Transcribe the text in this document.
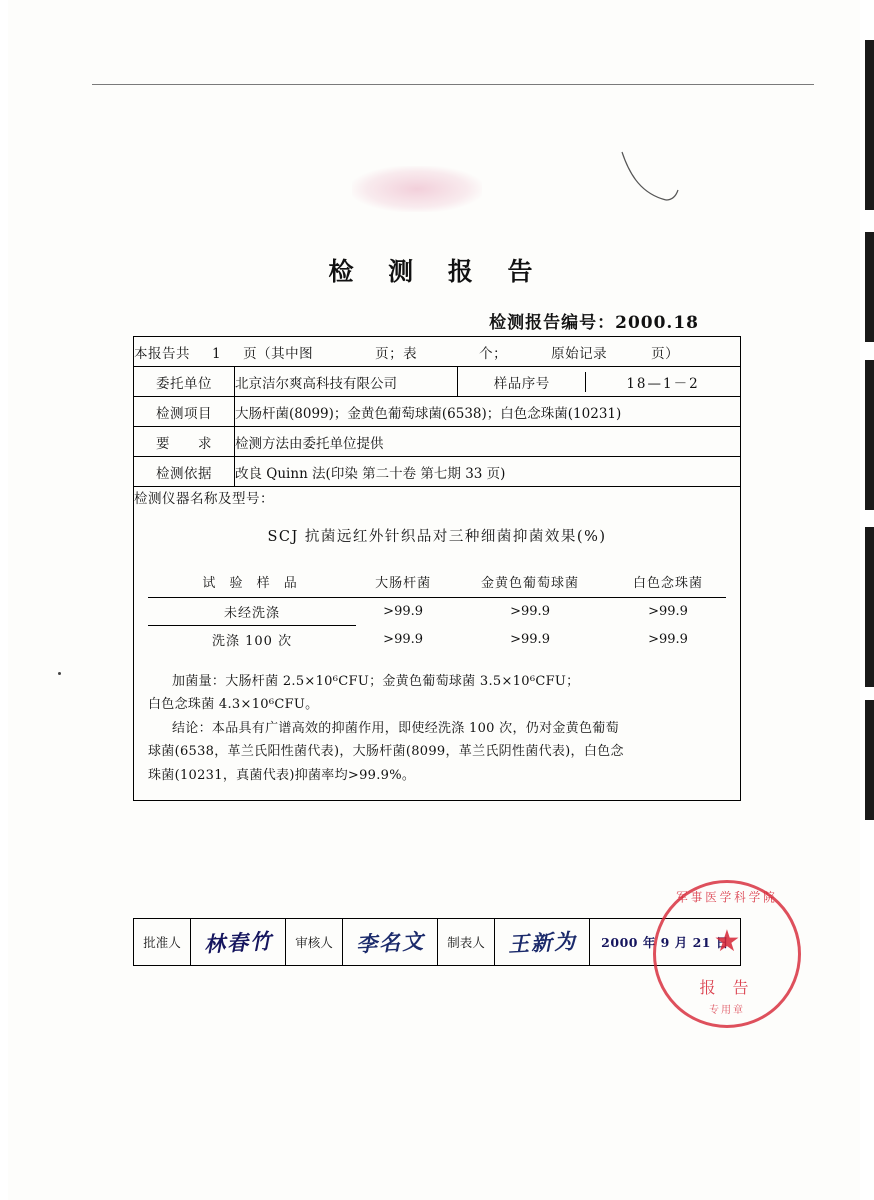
检 测 报 告
检测报告编号：2000.18
本报告共 1 页（其中图	页；表	个；	原始记录	页）

委托单位	北京洁尔爽高科技有限公司		样品序号	18—1－2

检测项目	大肠杆菌(8099)；金黄色葡萄球菌(6538)；白色念珠菌(10231)
要　　求	检测方法由委托单位提供
检测依据	改良 Quinn 法(印染 第二十卷 第七期 33 页)
检测仪器名称及型号：

SCJ 抗菌远红外针织品对三种细菌抑菌效果(%)
试 验 样 品	大肠杆菌	金黄色葡萄球菌	白色念珠菌
未经洗涤	>99.9	>99.9	>99.9
洗涤 100 次	>99.9	>99.9	>99.9

加菌量：大肠杆菌 2.5×10⁶CFU；金黄色葡萄球菌 3.5×10⁶CFU；

白色念珠菌 4.3×10⁶CFU。

结论：本品具有广谱高效的抑菌作用，即使经洗涤 100 次，仍对金黄色葡萄

球菌(6538，革兰氏阳性菌代表)，大肠杆菌(8099，革兰氏阴性菌代表)，白色念

珠菌(10231，真菌代表)抑菌率均>99.9%。

批准人	林春竹	审核人	李名文	制表人	王新为	2000 年 9 月 21 日
军事医学科学院
★
报 告
专用章
